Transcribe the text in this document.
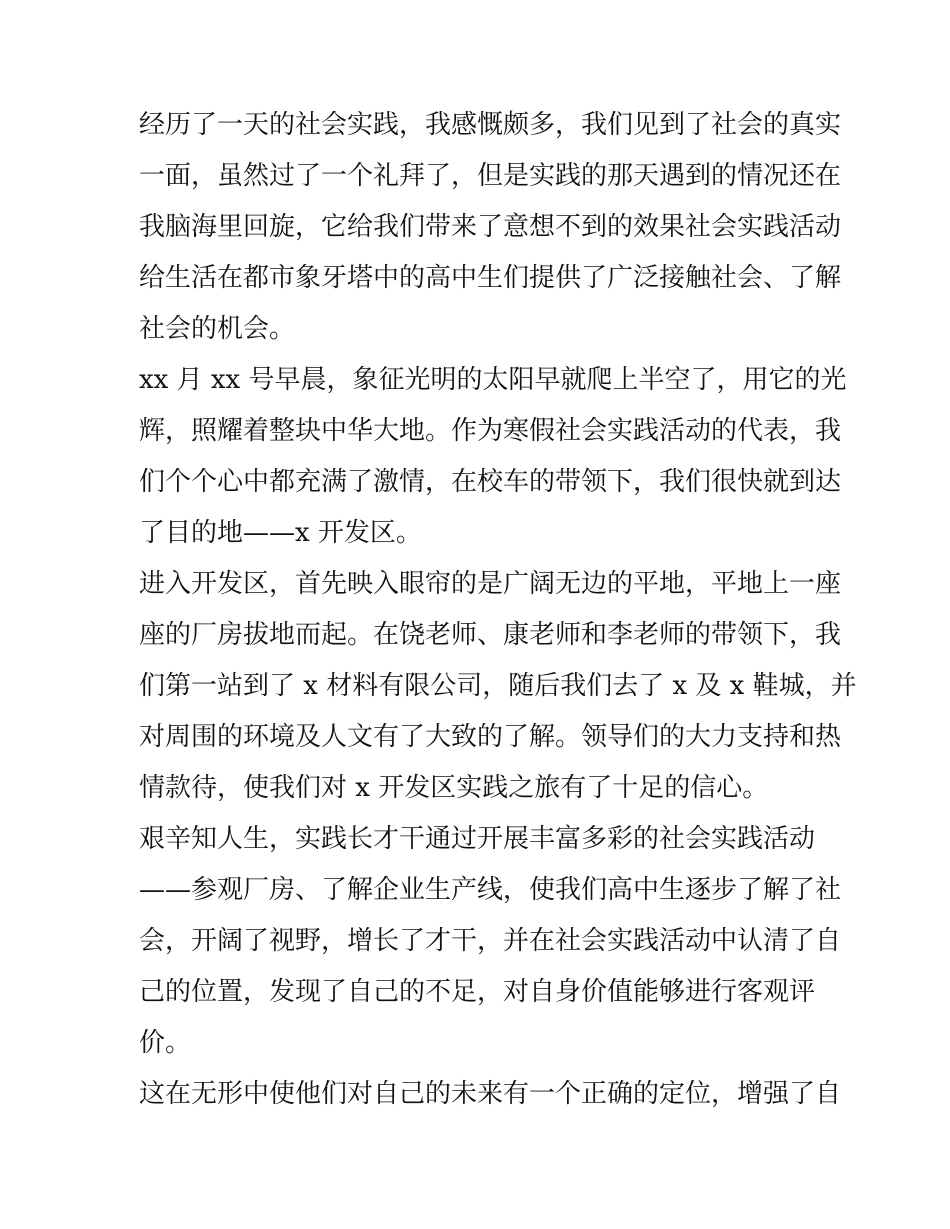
经历了一天的社会实践，我感慨颇多，我们见到了社会的真实
一面，虽然过了一个礼拜了，但是实践的那天遇到的情况还在
我脑海里回旋，它给我们带来了意想不到的效果社会实践活动
给生活在都市象牙塔中的高中生们提供了广泛接触社会、了解
社会的机会。
xx 月 xx 号早晨，象征光明的太阳早就爬上半空了，用它的光
辉，照耀着整块中华大地。作为寒假社会实践活动的代表，我
们个个心中都充满了激情，在校车的带领下，我们很快就到达
了目的地——x 开发区。
进入开发区，首先映入眼帘的是广阔无边的平地，平地上一座
座的厂房拔地而起。在饶老师、康老师和李老师的带领下，我
们第一站到了 x 材料有限公司，随后我们去了 x 及 x 鞋城，并
对周围的环境及人文有了大致的了解。领导们的大力支持和热
情款待，使我们对 x 开发区实践之旅有了十足的信心。
艰辛知人生，实践长才干通过开展丰富多彩的社会实践活动
——参观厂房、了解企业生产线，使我们高中生逐步了解了社
会，开阔了视野，增长了才干，并在社会实践活动中认清了自
己的位置，发现了自己的不足，对自身价值能够进行客观评
价。
这在无形中使他们对自己的未来有一个正确的定位，增强了自
